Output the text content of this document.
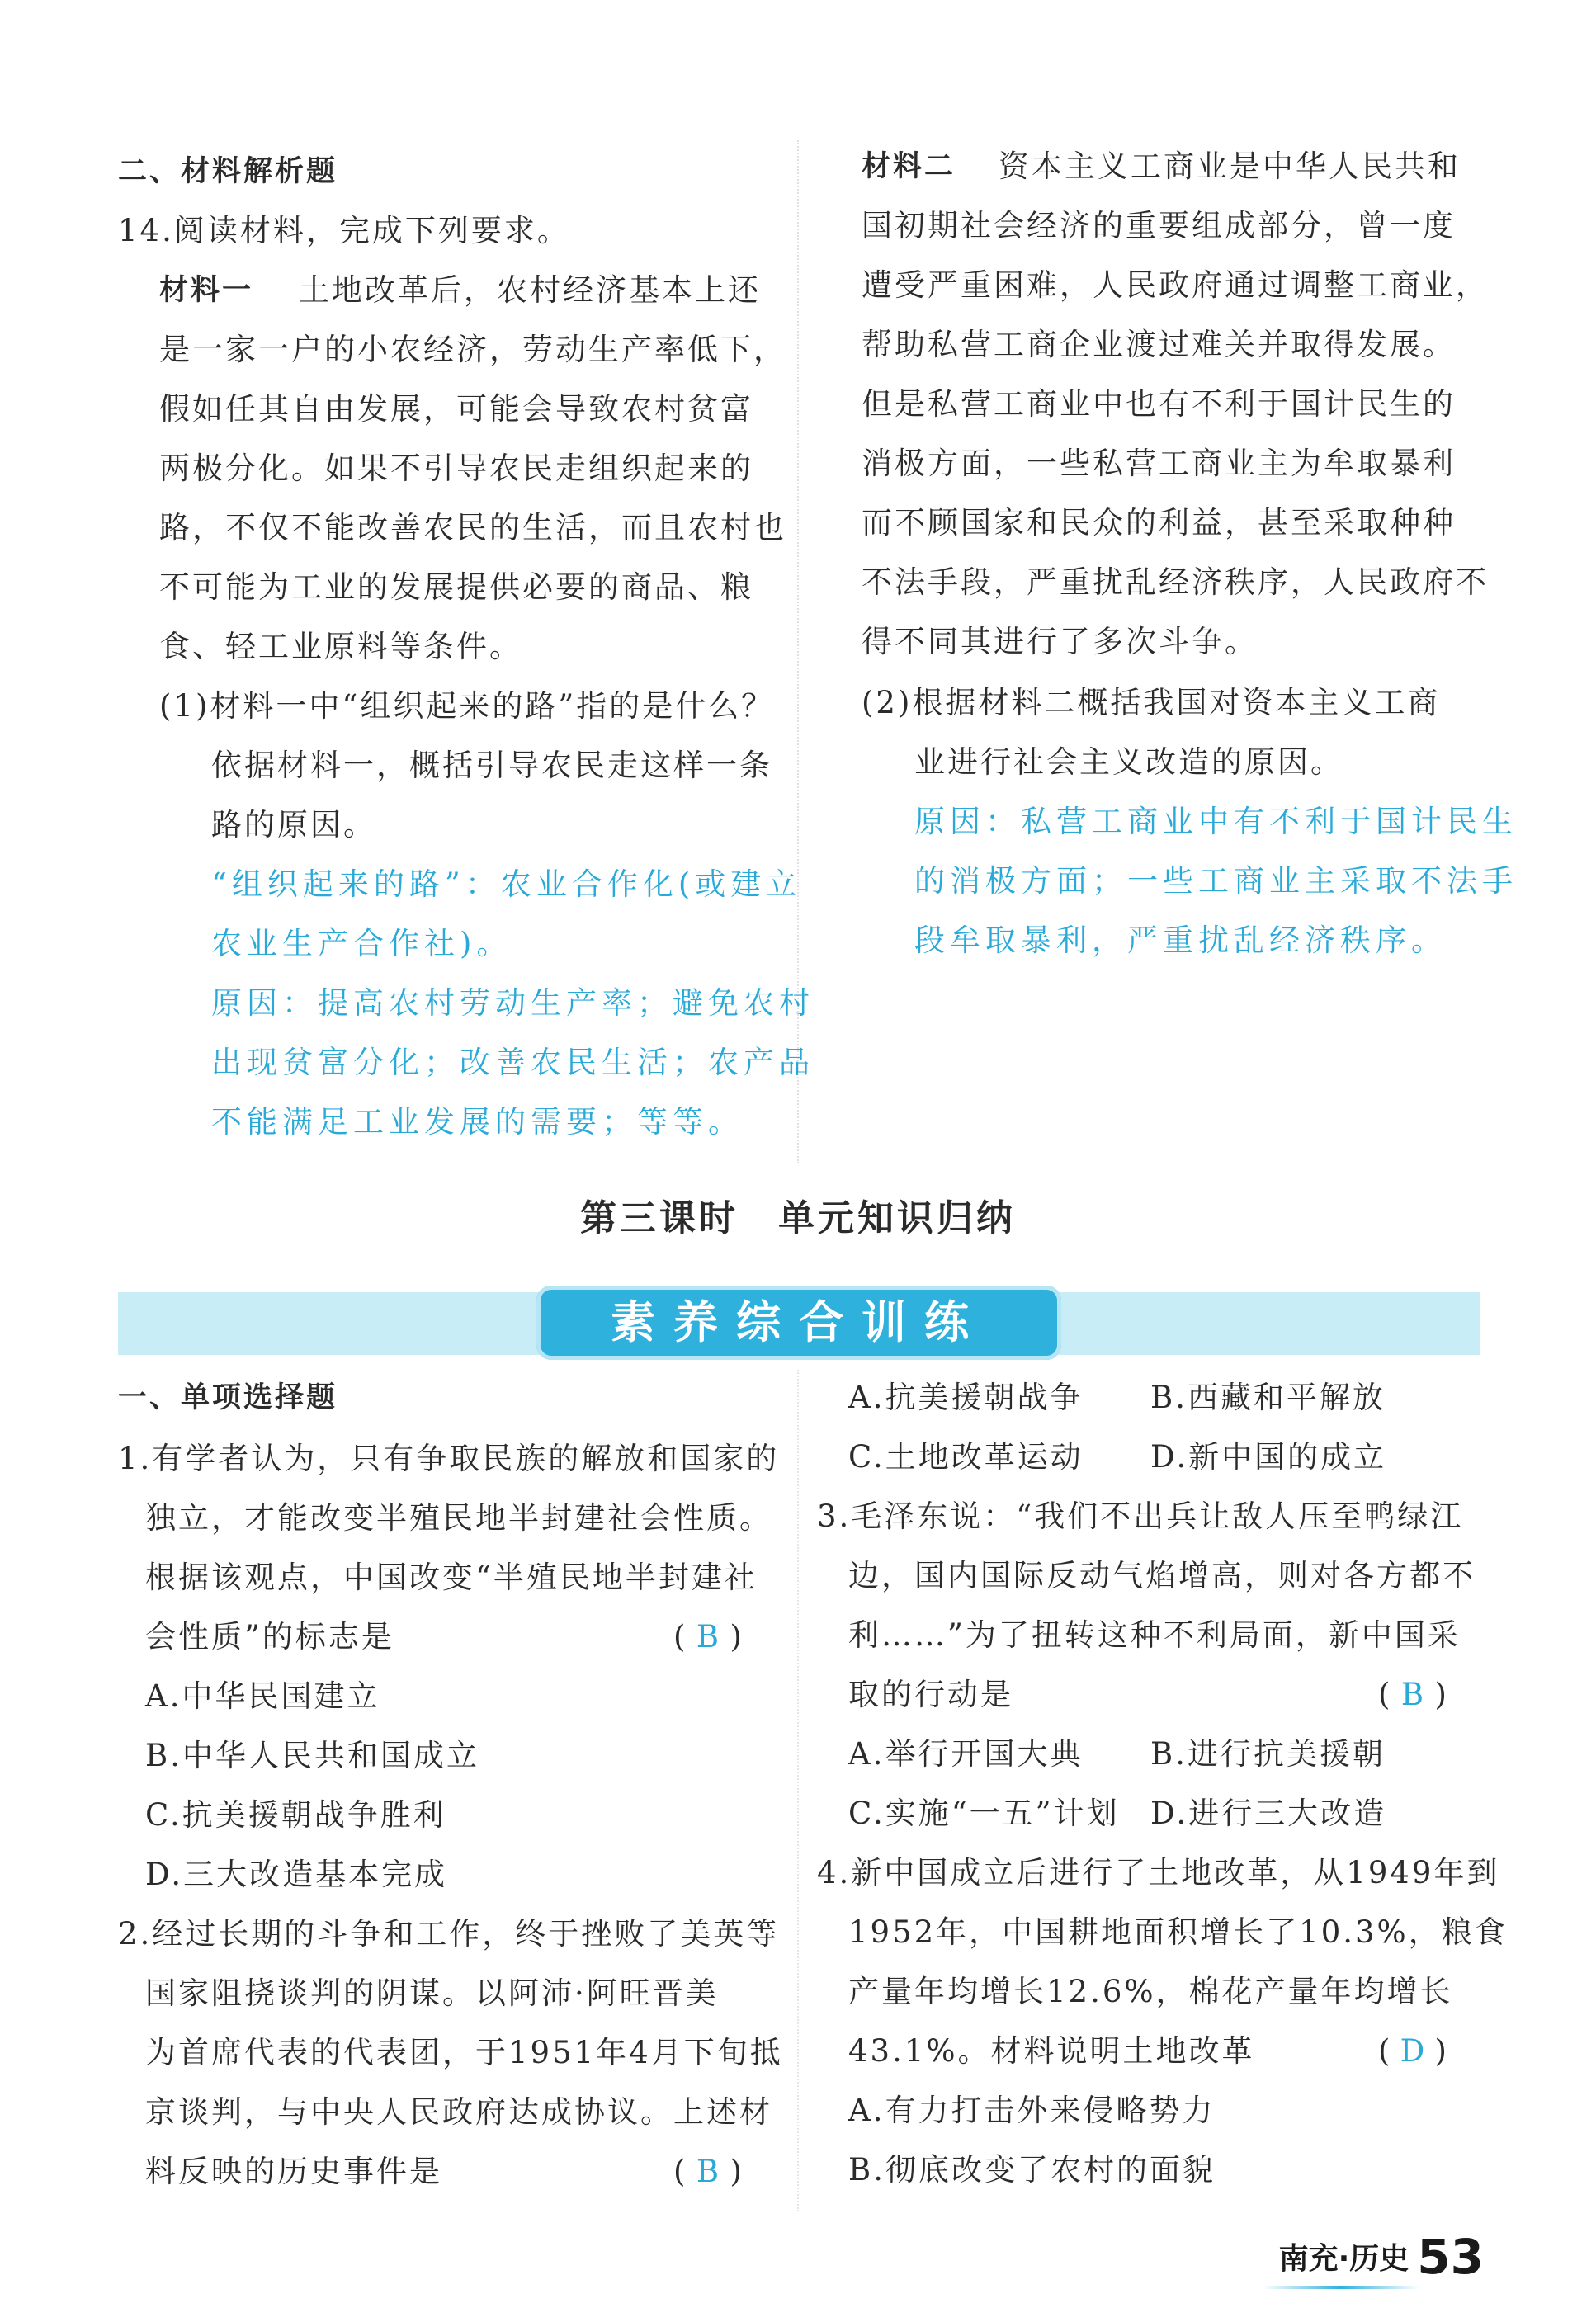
二、材料解析题
14.阅读材料，完成下列要求。
材料一 土地改革后，农村经济基本上还
是一家一户的小农经济，劳动生产率低下，
假如任其自由发展，可能会导致农村贫富
两极分化。如果不引导农民走组织起来的
路，不仅不能改善农民的生活，而且农村也
不可能为工业的发展提供必要的商品、粮
食、轻工业原料等条件。
(1)材料一中“组织起来的路”指的是什么？
依据材料一，概括引导农民走这样一条
路的原因。
“组织起来的路”：农业合作化(或建立
农业生产合作社)。
原因：提高农村劳动生产率；避免农村
出现贫富分化；改善农民生活；农产品
不能满足工业发展的需要；等等。
材料二 资本主义工商业是中华人民共和
国初期社会经济的重要组成部分，曾一度
遭受严重困难，人民政府通过调整工商业，
帮助私营工商企业渡过难关并取得发展。
但是私营工商业中也有不利于国计民生的
消极方面，一些私营工商业主为牟取暴利
而不顾国家和民众的利益，甚至采取种种
不法手段，严重扰乱经济秩序，人民政府不
得不同其进行了多次斗争。
(2)根据材料二概括我国对资本主义工商
业进行社会主义改造的原因。
原因：私营工商业中有不利于国计民生
的消极方面；一些工商业主采取不法手
段牟取暴利，严重扰乱经济秩序。
第三课时　单元知识归纳
素养综合训练
一、单项选择题
1.有学者认为，只有争取民族的解放和国家的
独立，才能改变半殖民地半封建社会性质。
根据该观点，中国改变“半殖民地半封建社
会性质”的标志是	( B )
A.中华民国建立
B.中华人民共和国成立
C.抗美援朝战争胜利
D.三大改造基本完成
2.经过长期的斗争和工作，终于挫败了美英等
国家阻挠谈判的阴谋。以阿沛·阿旺晋美
为首席代表的代表团，于1951年4月下旬抵
京谈判，与中央人民政府达成协议。上述材
料反映的历史事件是	( B )
A.抗美援朝战争 B.西藏和平解放
C.土地改革运动 D.新中国的成立
3.毛泽东说：“我们不出兵让敌人压至鸭绿江
边，国内国际反动气焰增高，则对各方都不
利……”为了扭转这种不利局面，新中国采
取的行动是	( B )
A.举行开国大典 B.进行抗美援朝
C.实施“一五”计划 D.进行三大改造
4.新中国成立后进行了土地改革，从1949年到
1952年，中国耕地面积增长了10.3%，粮食
产量年均增长12.6%，棉花产量年均增长
43.1%。材料说明土地改革	( D )
A.有力打击外来侵略势力
B.彻底改变了农村的面貌
南充·历史 53
